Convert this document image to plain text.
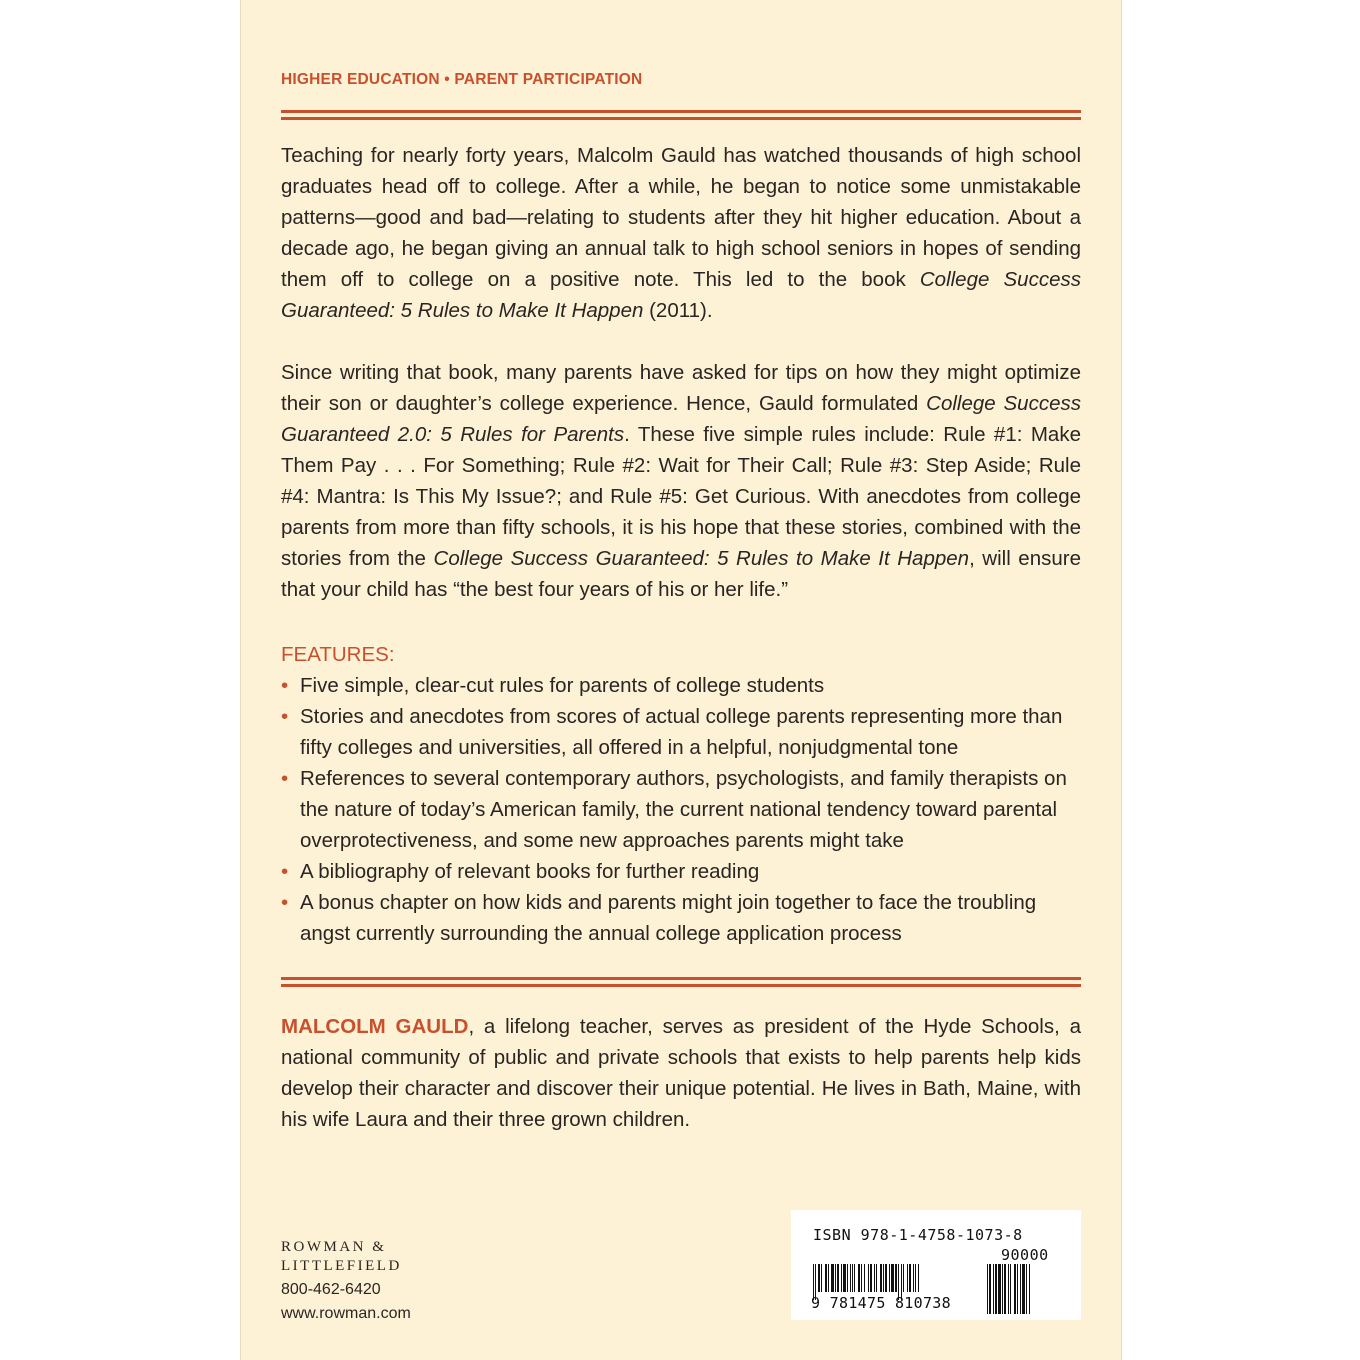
HIGHER EDUCATION • PARENT PARTICIPATION
Teaching for nearly forty years, Malcolm Gauld has watched thousands of high school graduates head off to college. After a while, he began to notice some unmistakable patterns—good and bad—relating to students after they hit higher education. About a decade ago, he began giving an annual talk to high school seniors in hopes of sending them off to college on a positive note. This led to the book College Success Guaranteed: 5 Rules to Make It Happen (2011).
Since writing that book, many parents have asked for tips on how they might optimize their son or daughter’s college experience. Hence, Gauld formulated College Success Guaranteed 2.0: 5 Rules for Parents. These five simple rules include: Rule #1: Make Them Pay . . . For Something; Rule #2: Wait for Their Call; Rule #3: Step Aside; Rule #4: Mantra: Is This My Issue?; and Rule #5: Get Curious. With anecdotes from college parents from more than fifty schools, it is his hope that these stories, combined with the stories from the College Success Guaranteed: 5 Rules to Make It Happen, will ensure that your child has “the best four years of his or her life.”
FEATURES:
• Five simple, clear-cut rules for parents of college students
• Stories and anecdotes from scores of actual college parents representing more than fifty colleges and universities, all offered in a helpful, nonjudgmental tone
• References to several contemporary authors, psychologists, and family therapists on the nature of today’s American family, the current national tendency toward parental overprotectiveness, and some new approaches parents might take
• A bibliography of relevant books for further reading
• A bonus chapter on how kids and parents might join together to face the troubling angst currently surrounding the annual college application process
MALCOLM GAULD, a lifelong teacher, serves as president of the Hyde Schools, a national community of public and private schools that exists to help parents help kids develop their character and discover their unique potential. He lives in Bath, Maine, with his wife Laura and their three grown children.
ROWMAN &
LITTLEFIELD
800-462-6420
www.rowman.com
ISBN 978-1-4758-1073-8
90000
9 781475 810738
